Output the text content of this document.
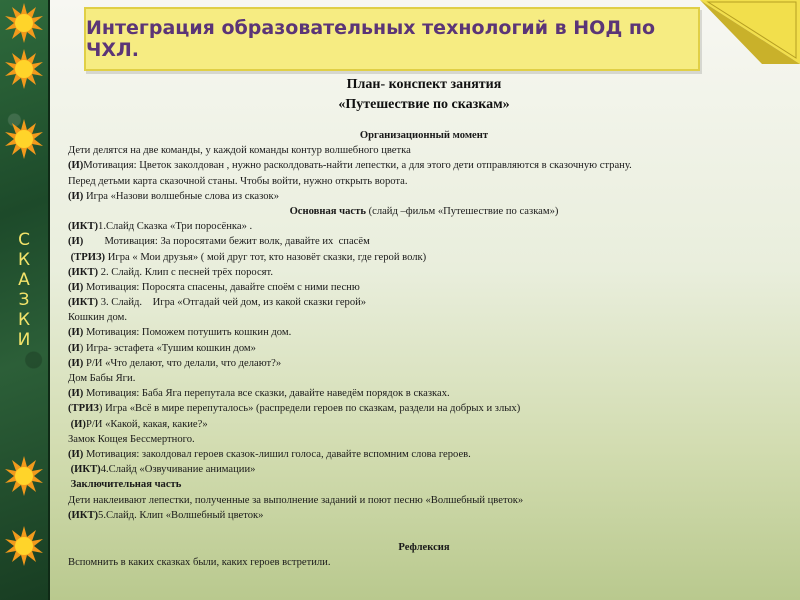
С
К
А
З
К
И
Интеграция образовательных технологий в НОД по ЧХЛ.
План- конспект занятия
«Путешествие по сказкам»
Организационный момент
Дети делятся на две команды, у каждой команды контур волшебного цветка
(И)Мотивация: Цветок заколдован , нужно расколдовать-найти лепестки, а для этого дети отправляются в сказочную страну.
Перед детьми карта сказочной станы. Чтобы войти, нужно открыть ворота.
(И) Игра «Назови волшебные слова из сказок»
Основная часть (слайд –фильм «Путешествие по сазкам»)
(ИКТ)1.Слайд Сказка «Три поросёнка» .
(И)        Мотивация: За поросятами бежит волк, давайте их  спасём
(ТРИЗ) Игра « Мои друзья» ( мой друг тот, кто назовёт сказки, где герой волк)
(ИКТ) 2. Слайд. Клип с песней трёх поросят.
(И) Мотивация: Поросята спасены, давайте споём с ними песню
(ИКТ) 3. Слайд.    Игра «Отгадай чей дом, из какой сказки герой»
Кошкин дом.
(И) Мотивация: Поможем потушить кошкин дом.
(И) Игра- эстафета «Тушим кошкин дом»
(И) Р/И «Что делают, что делали, что делают?»
Дом Бабы Яги.
(И) Мотивация: Баба Яга перепутала все сказки, давайте наведём порядок в сказках.
(ТРИЗ) Игра «Всё в мире перепуталось» (распредели героев по сказкам, раздели на добрых и злых)
(И)Р/И «Какой, какая, какие?»
Замок Кощея Бессмертного.
(И) Мотивация: заколдовал героев сказок-лишил голоса, давайте вспомним слова героев.
(ИКТ)4.Слайд «Озвучивание анимации»
Заключительная часть
Дети наклеивают лепестки, полученные за выполнение заданий и поют песню «Волшебный цветок»
(ИКТ)5.Слайд. Клип «Волшебный цветок»
Рефлексия
Вспомнить в каких сказках были, каких героев встретили.
